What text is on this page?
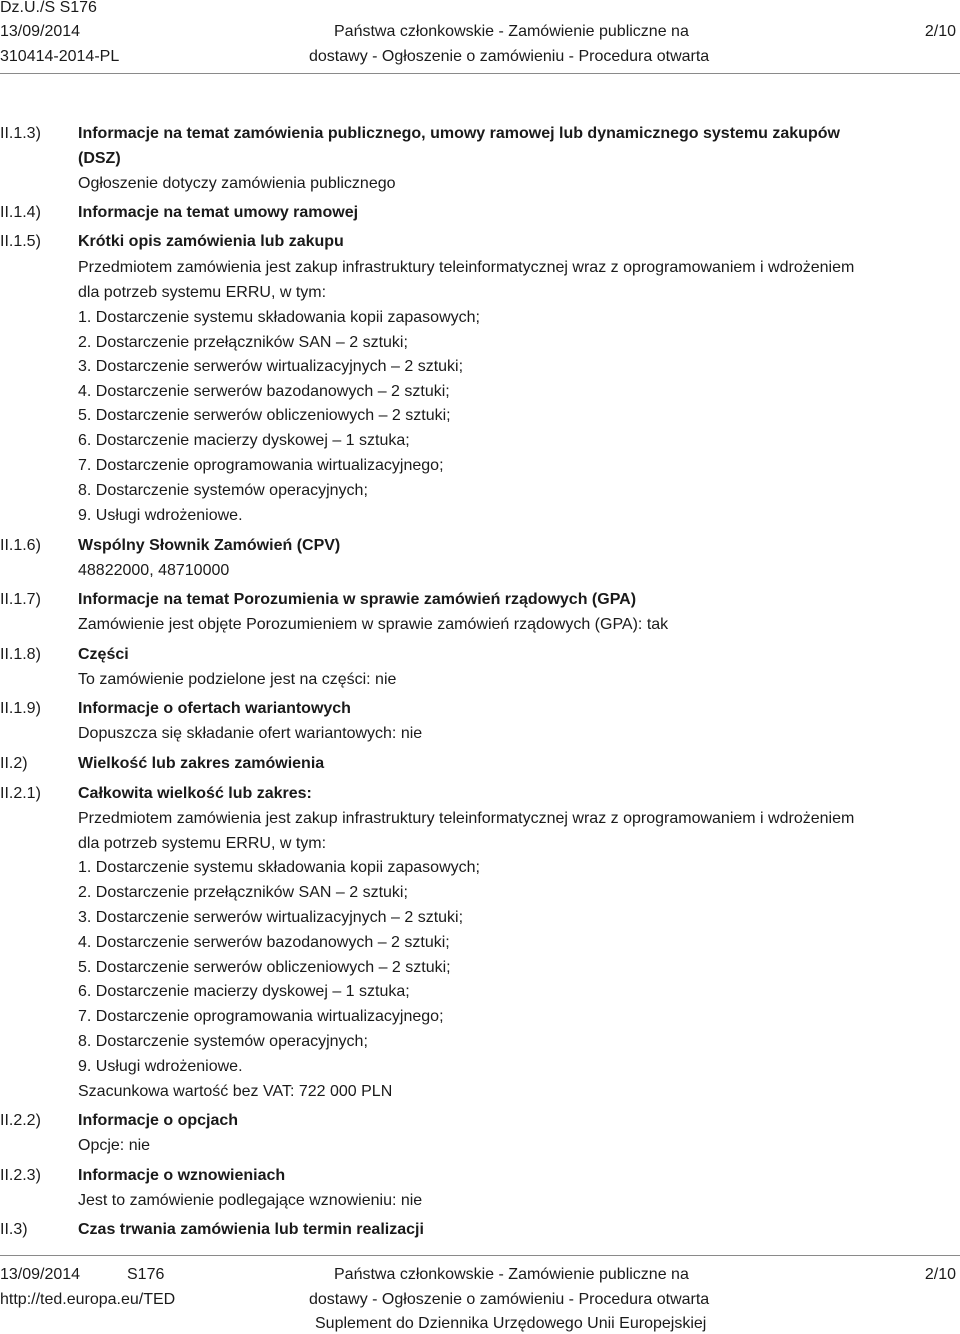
Dz.U./S S176
13/09/2014
310414-2014-PL
Państwa członkowskie - Zamówienie publiczne na
dostawy - Ogłoszenie o zamówieniu - Procedura otwarta
2/10
II.1.3)
II.1.4)
II.1.5)
II.1.6)
II.1.7)
II.1.8)
II.1.9)
II.2)
II.2.1)
II.2.2)
II.2.3)
II.3)
Informacje na temat zamówienia publicznego, umowy ramowej lub dynamicznego systemu zakupów
(DSZ)
Ogłoszenie dotyczy zamówienia publicznego
Informacje na temat umowy ramowej
Krótki opis zamówienia lub zakupu
Przedmiotem zamówienia jest zakup infrastruktury teleinformatycznej wraz z oprogramowaniem i wdrożeniem
dla potrzeb systemu ERRU, w tym:
1. Dostarczenie systemu składowania kopii zapasowych;
2. Dostarczenie przełączników SAN – 2 sztuki;
3. Dostarczenie serwerów wirtualizacyjnych – 2 sztuki;
4. Dostarczenie serwerów bazodanowych – 2 sztuki;
5. Dostarczenie serwerów obliczeniowych – 2 sztuki;
6. Dostarczenie macierzy dyskowej – 1 sztuka;
7. Dostarczenie oprogramowania wirtualizacyjnego;
8. Dostarczenie systemów operacyjnych;
9. Usługi wdrożeniowe.
Wspólny Słownik Zamówień (CPV)
48822000, 48710000
Informacje na temat Porozumienia w sprawie zamówień rządowych (GPA)
Zamówienie jest objęte Porozumieniem w sprawie zamówień rządowych (GPA): tak
Części
To zamówienie podzielone jest na części: nie
Informacje o ofertach wariantowych
Dopuszcza się składanie ofert wariantowych: nie
Wielkość lub zakres zamówienia
Całkowita wielkość lub zakres:
Przedmiotem zamówienia jest zakup infrastruktury teleinformatycznej wraz z oprogramowaniem i wdrożeniem
dla potrzeb systemu ERRU, w tym:
1. Dostarczenie systemu składowania kopii zapasowych;
2. Dostarczenie przełączników SAN – 2 sztuki;
3. Dostarczenie serwerów wirtualizacyjnych – 2 sztuki;
4. Dostarczenie serwerów bazodanowych – 2 sztuki;
5. Dostarczenie serwerów obliczeniowych – 2 sztuki;
6. Dostarczenie macierzy dyskowej – 1 sztuka;
7. Dostarczenie oprogramowania wirtualizacyjnego;
8. Dostarczenie systemów operacyjnych;
9. Usługi wdrożeniowe.
Szacunkowa wartość bez VAT: 722 000 PLN
Informacje o opcjach
Opcje: nie
Informacje o wznowieniach
Jest to zamówienie podlegające wznowieniu: nie
Czas trwania zamówienia lub termin realizacji
13/09/2014	S176
http://ted.europa.eu/TED
Państwa członkowskie - Zamówienie publiczne na
dostawy - Ogłoszenie o zamówieniu - Procedura otwarta
Suplement do Dziennika Urzędowego Unii Europejskiej
2/10
